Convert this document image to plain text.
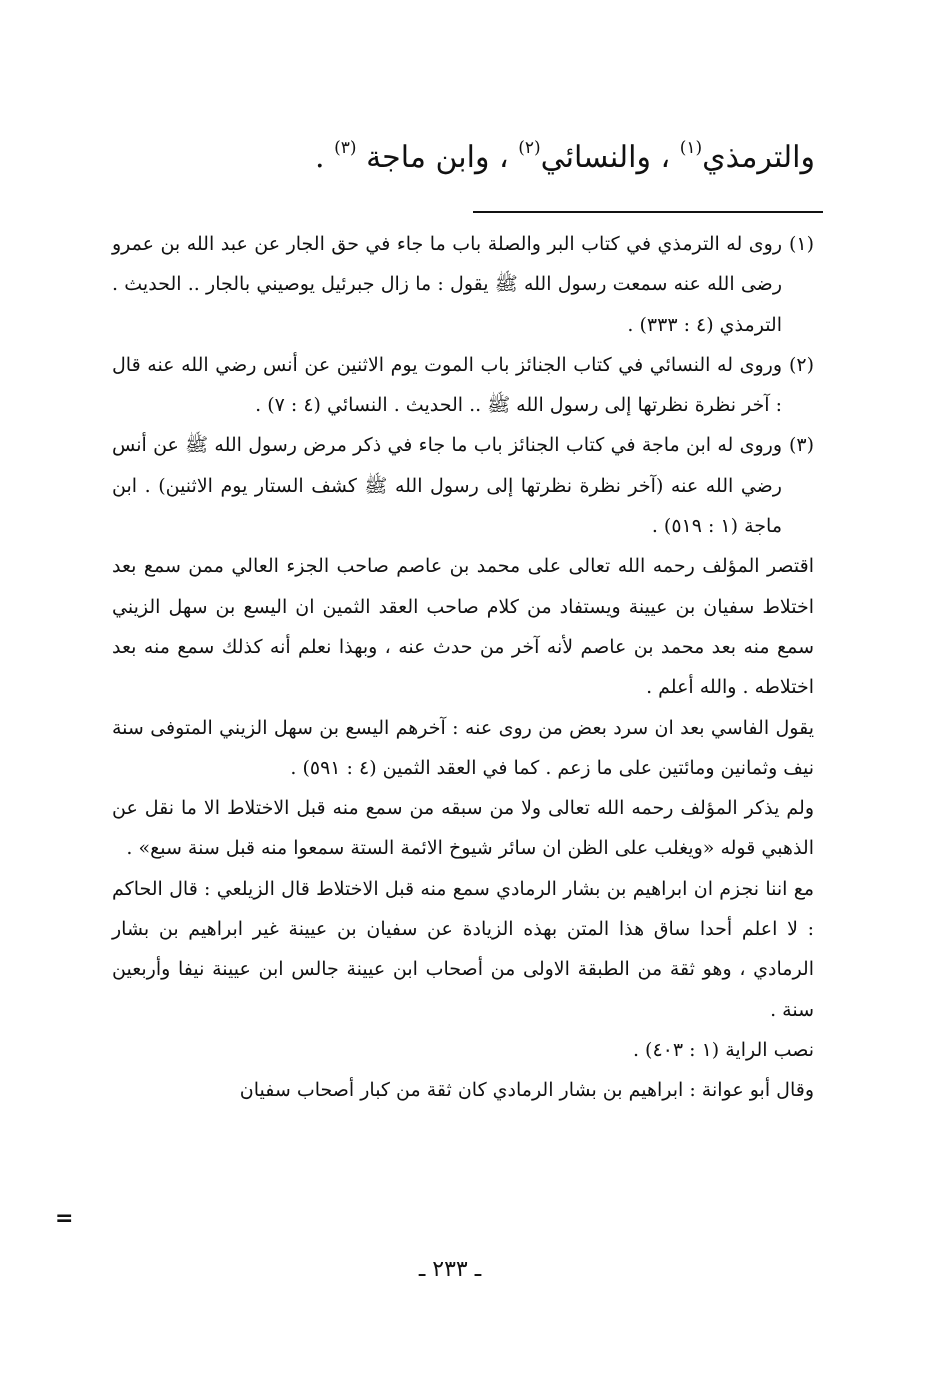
والترمذي$^{(١)}$ ، والنسائي$^{(٢)}$ ، وابن ماجة $^{(٣)}$ .

(١)روى له الترمذي في كتاب البر والصلة باب ما جاء في حق الجار عن عبد الله بن عمرو رضى الله عنه سمعت رسول الله ﷺ يقول : ما زال جبرئيل يوصيني بالجار .. الحديث . الترمذي (٤ : ٣٣٣) .

(٢)وروى له النسائي في كتاب الجنائز باب الموت يوم الاثنين عن أنس رضي الله عنه قال : آخر نظرة نظرتها إلى رسول الله ﷺ .. الحديث . النسائي (٤ : ٧) .

(٣)وروى له ابن ماجة في كتاب الجنائز باب ما جاء في ذكر مرض رسول الله ﷺ عن أنس رضي الله عنه (آخر نظرة نظرتها إلى رسول الله ﷺ كشف الستار يوم الاثنين) . ابن ماجة (١ : ٥١٩) .

اقتصر المؤلف رحمه الله تعالى على محمد بن عاصم صاحب الجزء العالي ممن سمع بعد اختلاط سفيان بن عيينة ويستفاد من كلام صاحب العقد الثمين ان اليسع بن سهل الزيني سمع منه بعد محمد بن عاصم لأنه آخر من حدث عنه ، وبهذا نعلم أنه كذلك سمع منه بعد اختلاطه . والله أعلم .

يقول الفاسي بعد ان سرد بعض من روى عنه : آخرهم اليسع بن سهل الزيني المتوفى سنة نيف وثمانين ومائتين على ما زعم . كما في العقد الثمين (٤ : ٥٩١) .

ولم يذكر المؤلف رحمه الله تعالى ولا من سبقه من سمع منه قبل الاختلاط الا ما نقل عن الذهبي قوله «ويغلب على الظن ان سائر شيوخ الائمة الستة سمعوا منه قبل سنة سبع» .

مع اننا نجزم ان ابراهيم بن بشار الرمادي سمع منه قبل الاختلاط قال الزيلعي : قال الحاكم : لا اعلم أحدا ساق هذا المتن بهذه الزيادة عن سفيان بن عيينة غير ابراهيم بن بشار الرمادي ، وهو ثقة من الطبقة الاولى من أصحاب ابن عيينة جالس ابن عيينة نيفا وأربعين سنة .

نصب الراية (١ : ٤٠٣) .

وقال أبو عوانة : ابراهيم بن بشار الرمادي كان ثقة من كبار أصحاب سفيان

=
ـ ٢٣٣ ـ
